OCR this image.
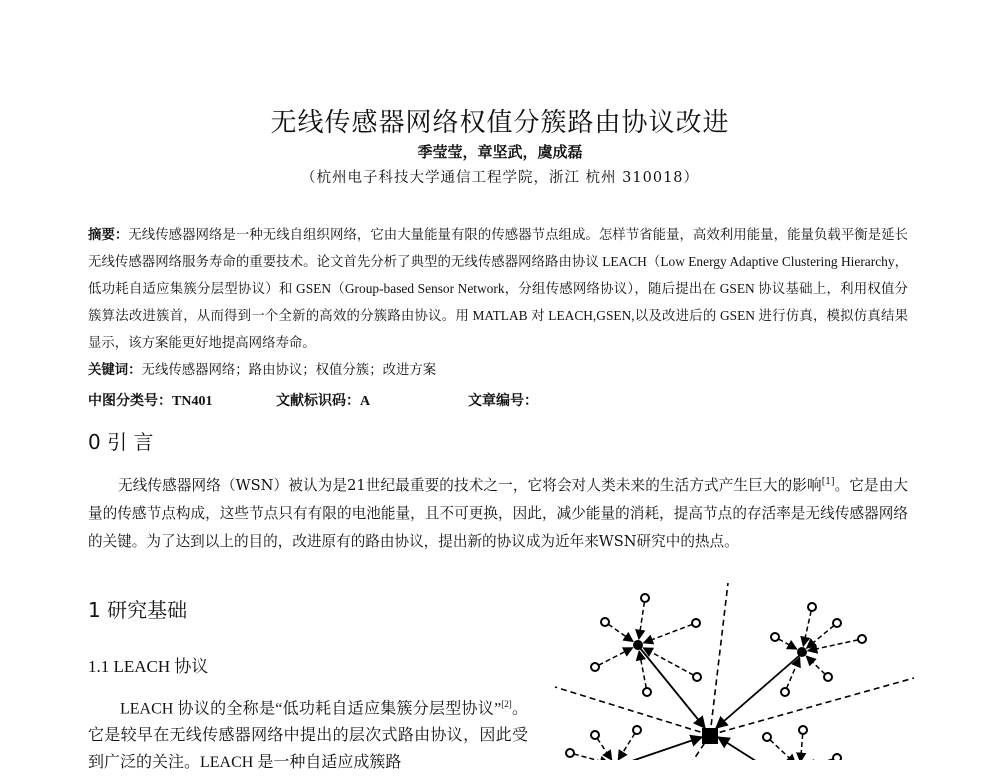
无线传感器网络权值分簇路由协议改进
季莹莹，章坚武，虞成磊
（杭州电子科技大学通信工程学院，浙江 杭州 310018）
摘要：无线传感器网络是一种无线自组织网络，它由大量能量有限的传感器节点组成。怎样节省能量，高效利用能量，能量负载平衡是延长无线传感器网络服务寿命的重要技术。论文首先分析了典型的无线传感器网络路由协议 LEACH（Low Energy Adaptive Clustering Hierarchy，低功耗自适应集簇分层型协议）和 GSEN（Group-based Sensor Network，分组传感网络协议），随后提出在 GSEN 协议基础上，利用权值分簇算法改进簇首，从而得到一个全新的高效的分簇路由协议。用 MATLAB 对 LEACH,GSEN,以及改进后的 GSEN 进行仿真，模拟仿真结果显示，该方案能更好地提高网络寿命。
关键词：无线传感器网络；路由协议；权值分簇；改进方案
中图分类号：TN401	文献标识码：A	文章编号：
0 引 言

无线传感器网络（WSN）被认为是21世纪最重要的技术之一，它将会对人类未来的生活方式产生巨大的影响[1]。它是由大量的传感节点构成，这些节点只有有限的电池能量，且不可更换，因此，减少能量的消耗，提高节点的存活率是无线传感器网络的关键。为了达到以上的目的，改进原有的路由协议，提出新的协议成为近年来WSN研究中的热点。

1 研究基础
1.1 LEACH 协议

LEACH 协议的全称是“低功耗自适应集簇分层型协议”[2]。它是较早在无线传感器网络中提出的层次式路由协议，因此受到广泛的关注。LEACH 是一种自适应成簇路
